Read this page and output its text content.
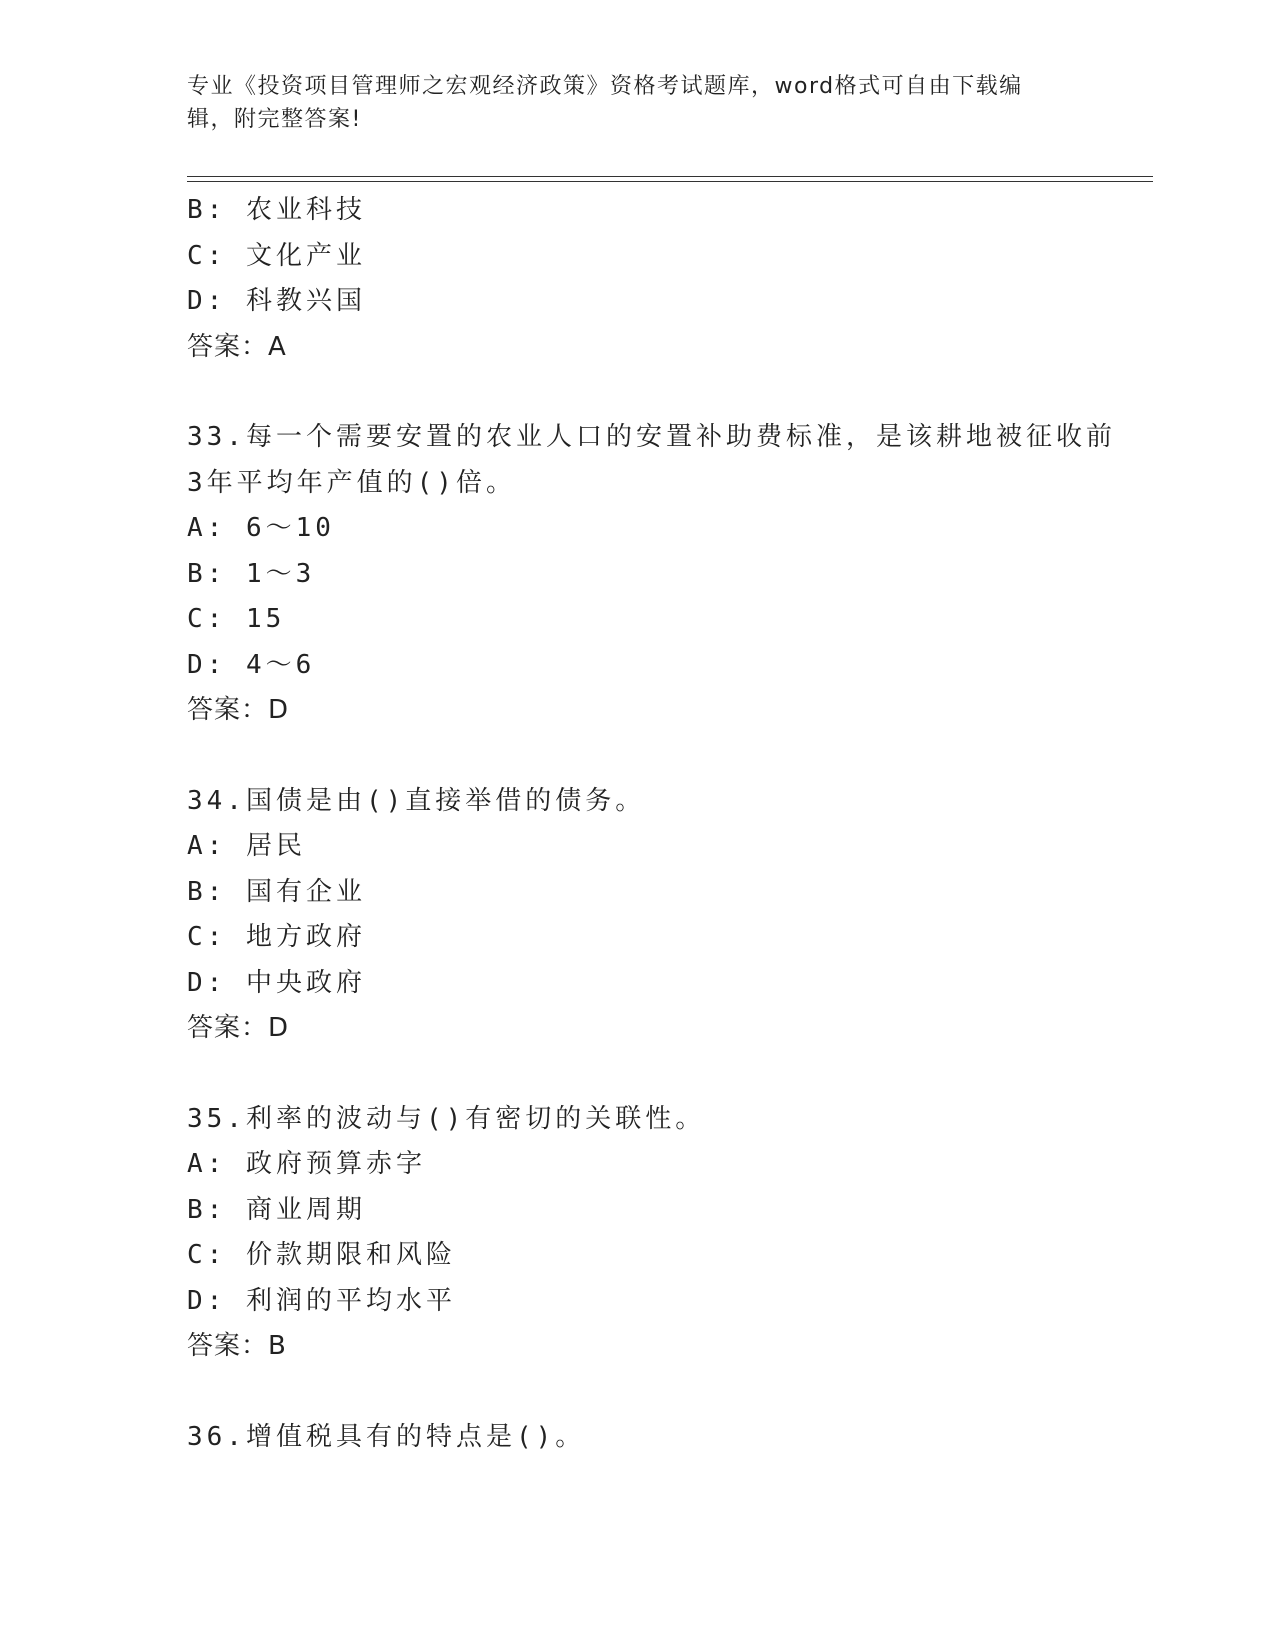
专业《投资项目管理师之宏观经济政策》资格考试题库，word格式可自由下载编
辑，附完整答案!
B: 农业科技
C: 文化产业
D: 科教兴国
答案：A
33.每一个需要安置的农业人口的安置补助费标准，是该耕地被征收前
3年平均年产值的()倍。
A: 6～10
B: 1～3
C: 15
D: 4～6
答案：D
34.国债是由()直接举借的债务。
A: 居民
B: 国有企业
C: 地方政府
D: 中央政府
答案：D
35.利率的波动与()有密切的关联性。
A: 政府预算赤字
B: 商业周期
C: 价款期限和风险
D: 利润的平均水平
答案：B
36.增值税具有的特点是()。
